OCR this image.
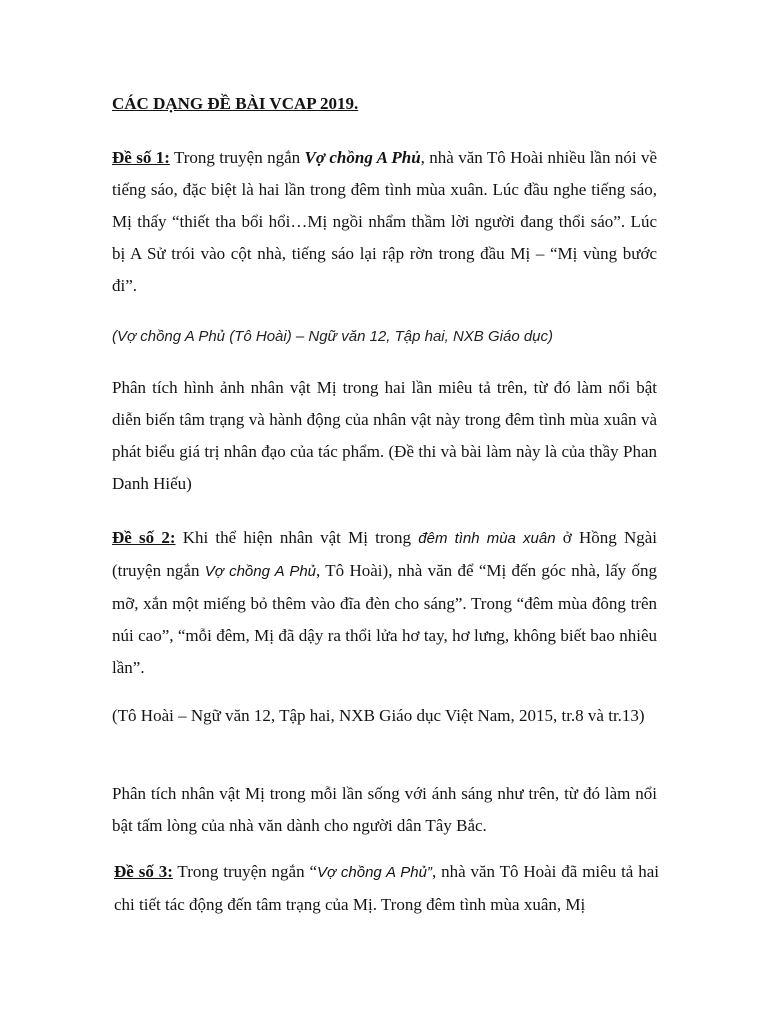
CÁC DẠNG ĐỀ BÀI VCAP 2019.

Đề số 1: Trong truyện ngắn Vợ chồng A Phủ, nhà văn Tô Hoài nhiều lần nói về tiếng sáo, đặc biệt là hai lần trong đêm tình mùa xuân. Lúc đầu nghe tiếng sáo, Mị thấy “thiết tha bổi hổi…Mị ngồi nhẩm thầm lời người đang thổi sáo”. Lúc bị A Sử trói vào cột nhà, tiếng sáo lại rập rờn trong đầu Mị – “Mị vùng bước đi”.

(Vợ chồng A Phủ (Tô Hoài) – Ngữ văn 12, Tập hai, NXB Giáo dục)

Phân tích hình ảnh nhân vật Mị trong hai lần miêu tả trên, từ đó làm nổi bật diễn biến tâm trạng và hành động của nhân vật này trong đêm tình mùa xuân và phát biểu giá trị nhân đạo của tác phẩm. (Đề thi và bài làm này là của thầy Phan Danh Hiếu)

Đề số 2: Khi thể hiện nhân vật Mị trong đêm tình mùa xuân ở Hồng Ngài (truyện ngắn Vợ chồng A Phủ, Tô Hoài), nhà văn để “Mị đến góc nhà, lấy ống mỡ, xắn một miếng bỏ thêm vào đĩa đèn cho sáng”. Trong “đêm mùa đông trên núi cao”, “mỗi đêm, Mị đã dậy ra thổi lửa hơ tay, hơ lưng, không biết bao nhiêu lần”.

(Tô Hoài – Ngữ văn 12, Tập hai, NXB Giáo dục Việt Nam, 2015, tr.8 và tr.13)

Phân tích nhân vật Mị trong mỗi lần sống với ánh sáng như trên, từ đó làm nổi bật tấm lòng của nhà văn dành cho người dân Tây Bắc.

Đề số 3: Trong truyện ngắn “Vợ chồng A Phủ”, nhà văn Tô Hoài đã miêu tả hai chi tiết tác động đến tâm trạng của Mị. Trong đêm tình mùa xuân, Mị
